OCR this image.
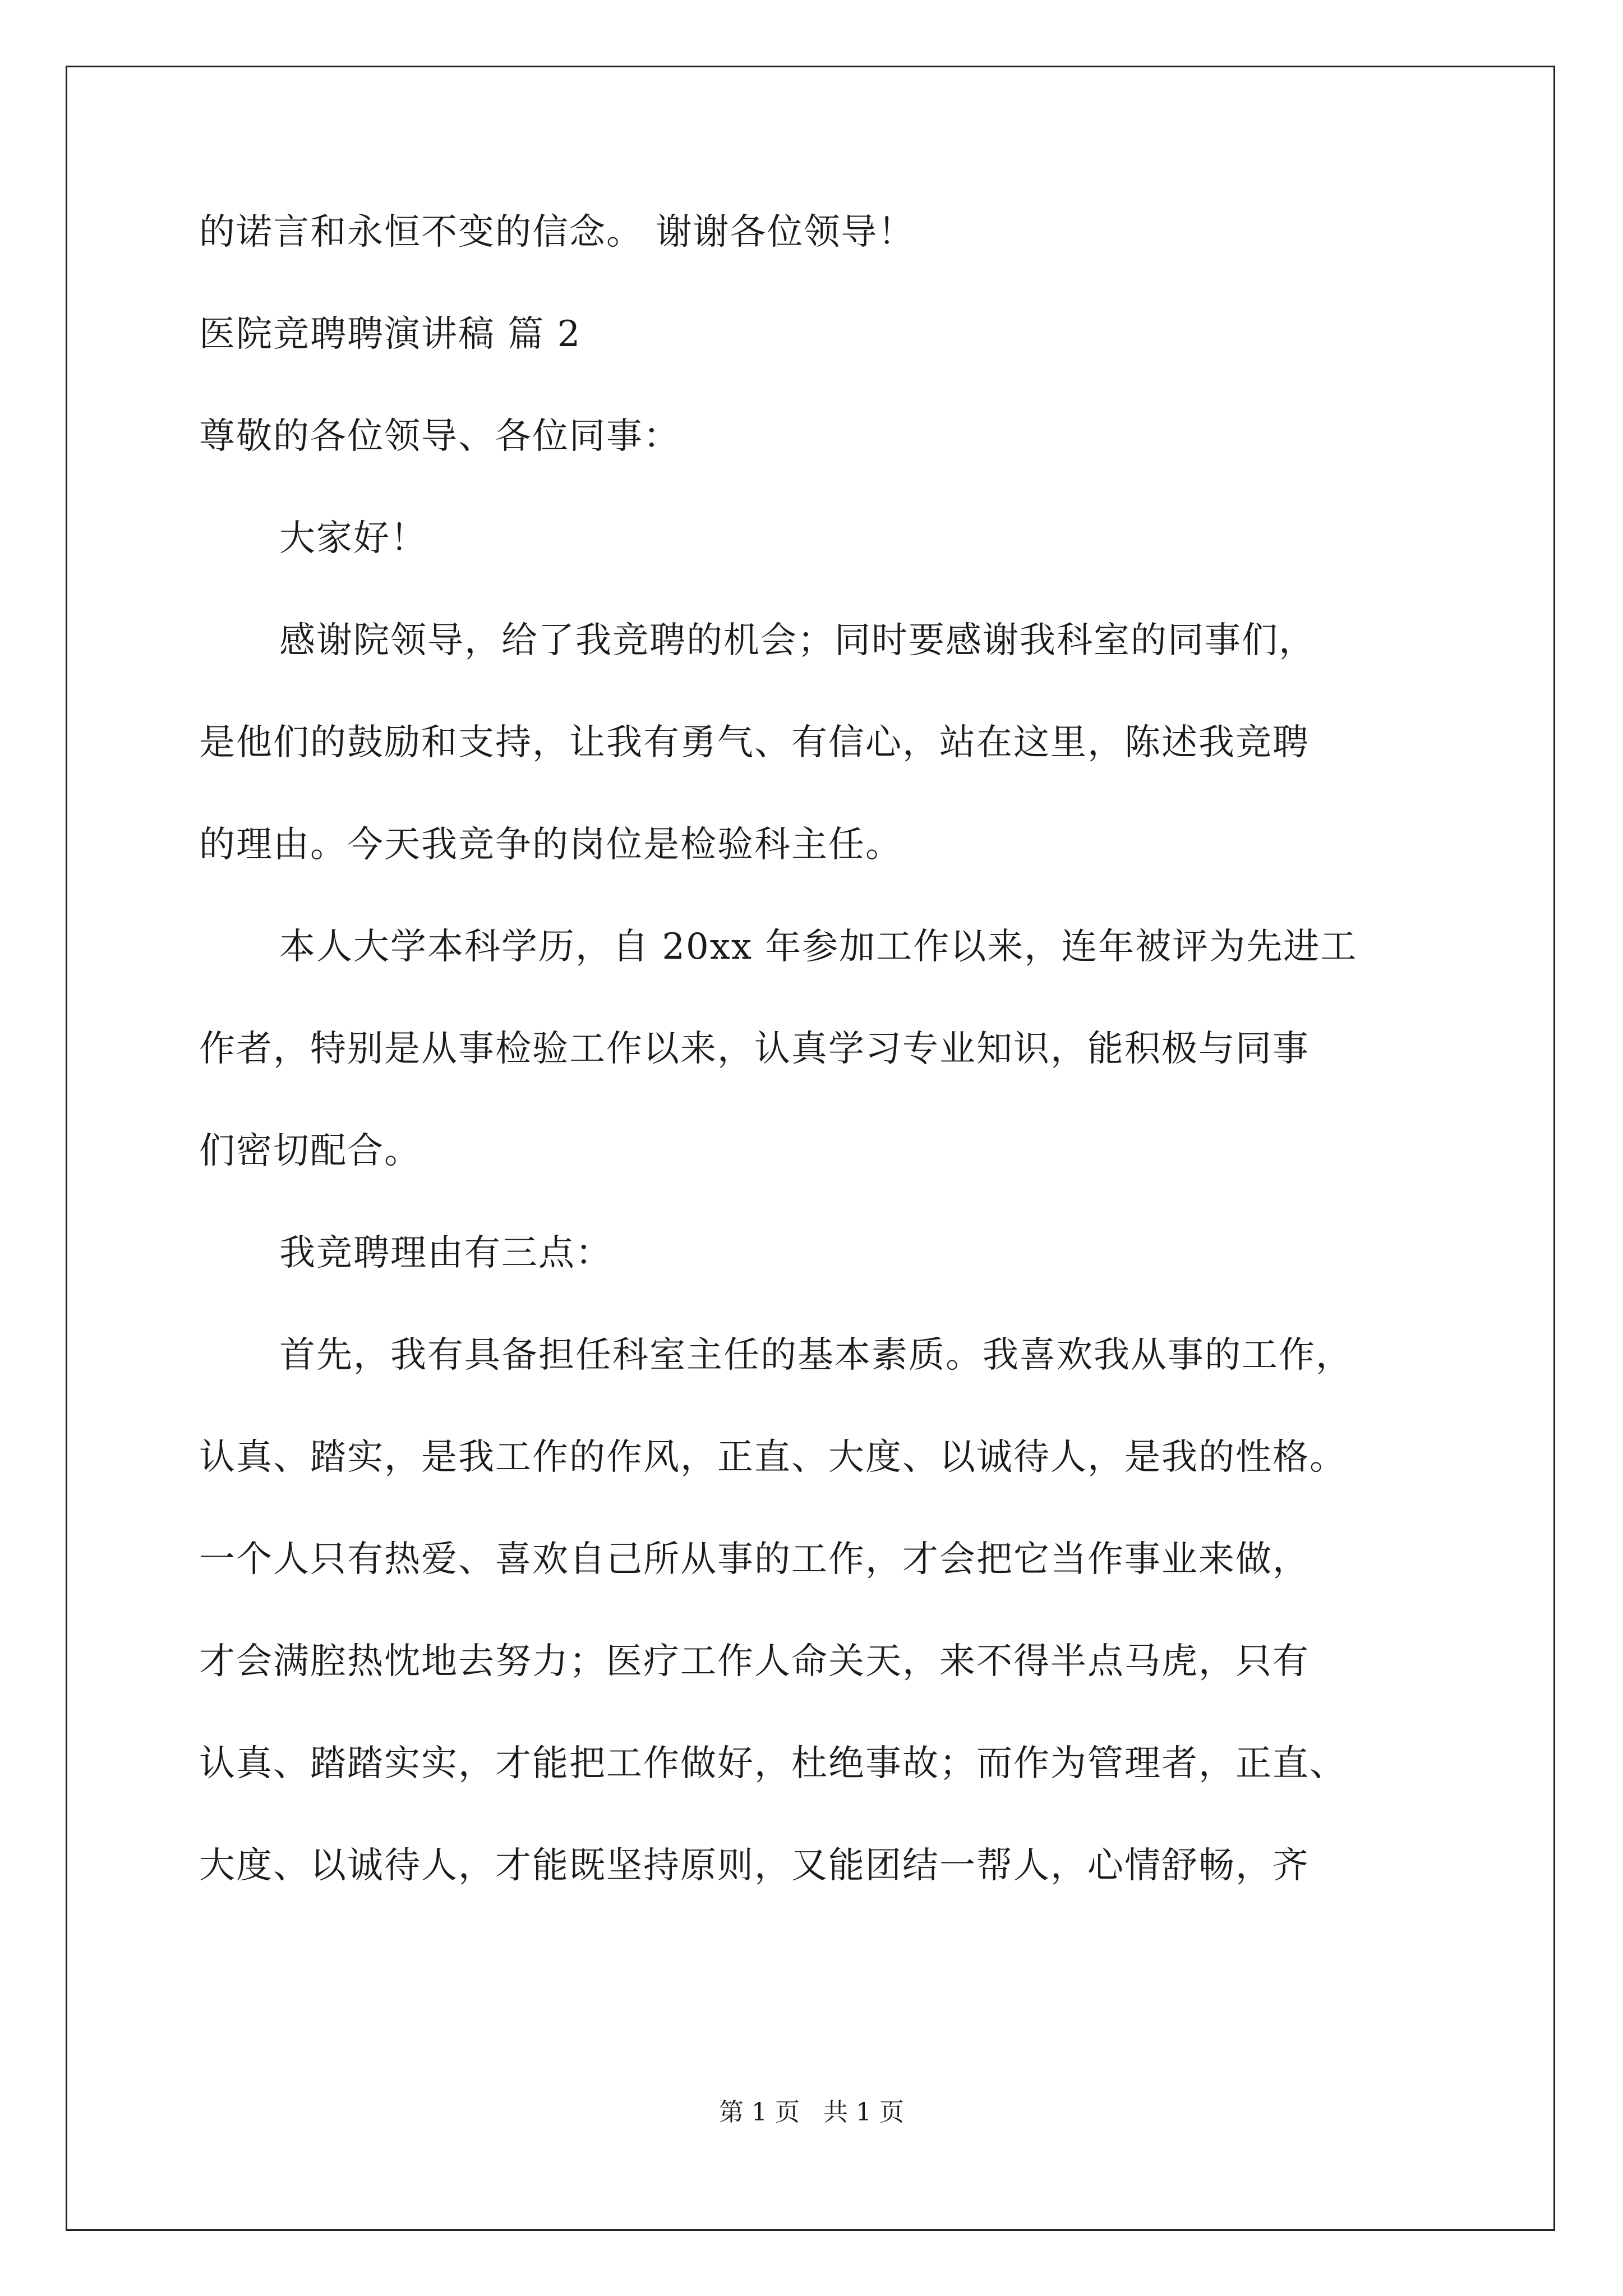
的诺言和永恒不变的信念。 谢谢各位领导！
医院竞聘聘演讲稿 篇 2
尊敬的各位领导、各位同事：
大家好！
感谢院领导，给了我竞聘的机会；同时要感谢我科室的同事们，
是他们的鼓励和支持，让我有勇气、有信心，站在这里，陈述我竞聘
的理由。今天我竞争的岗位是检验科主任。
本人大学本科学历，自 20xx 年参加工作以来，连年被评为先进工
作者，特别是从事检验工作以来，认真学习专业知识，能积极与同事
们密切配合。
我竞聘理由有三点：
首先，我有具备担任科室主任的基本素质。我喜欢我从事的工作，
认真、踏实，是我工作的作风，正直、大度、以诚待人，是我的性格。
一个人只有热爱、喜欢自己所从事的工作，才会把它当作事业来做，
才会满腔热忱地去努力；医疗工作人命关天，来不得半点马虎，只有
认真、踏踏实实，才能把工作做好，杜绝事故；而作为管理者，正直、
大度、以诚待人，才能既坚持原则，又能团结一帮人，心情舒畅，齐
第 1 页 共 1 页
